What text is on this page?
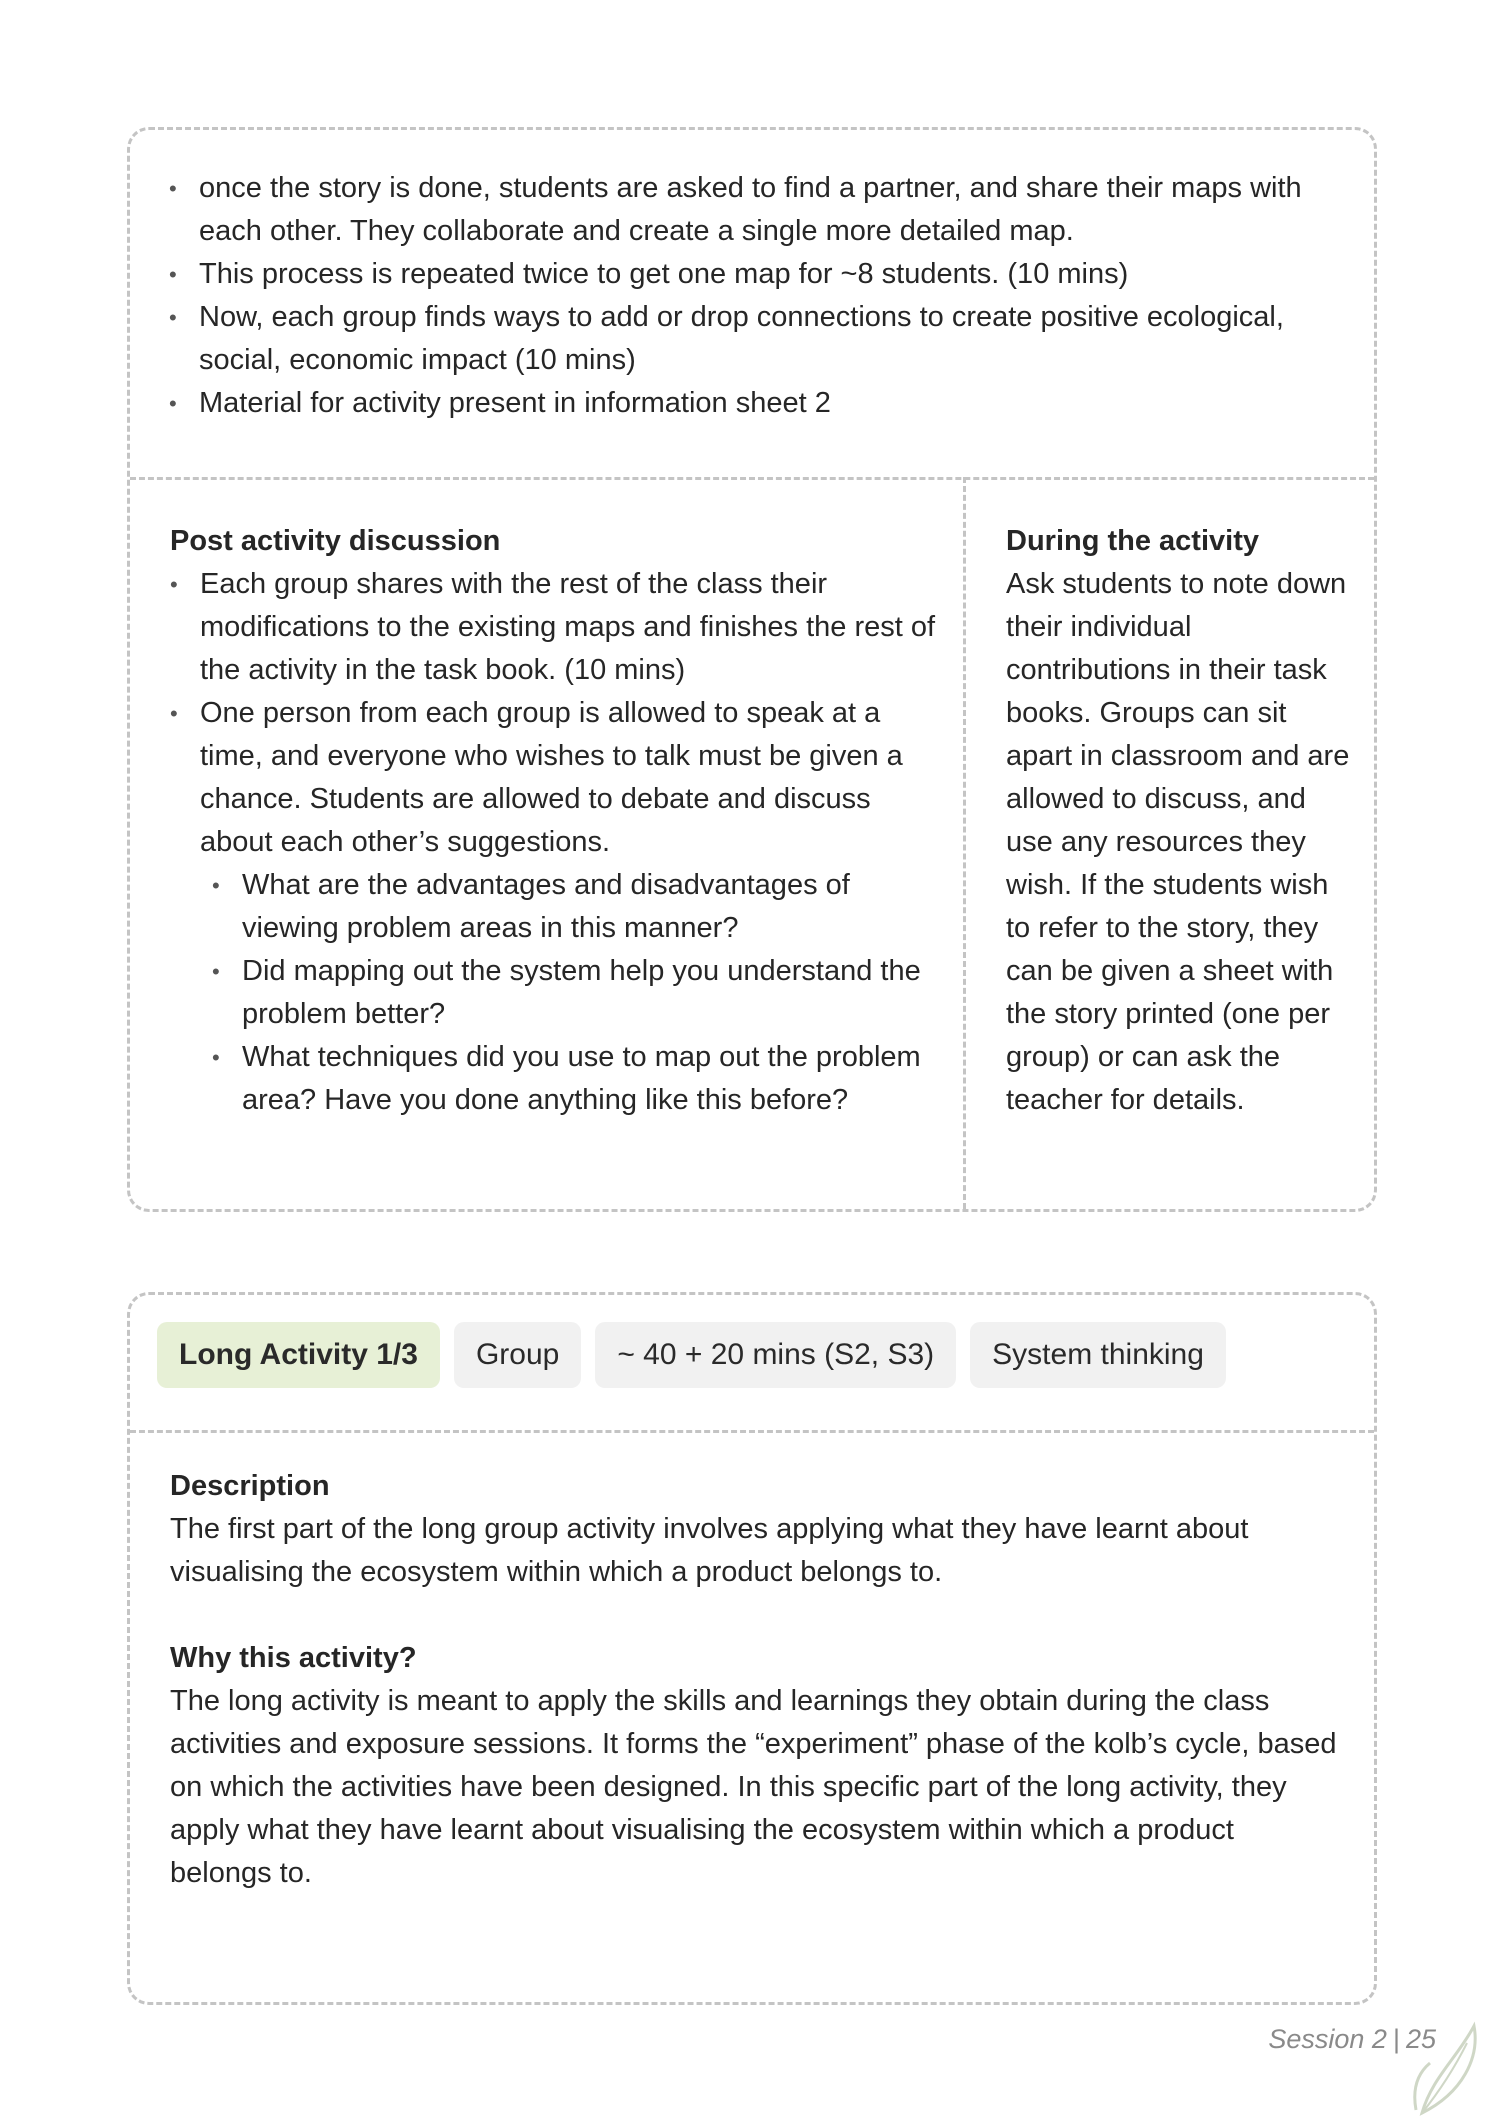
• once the story is done, students are asked to find a partner, and share their maps with each other. They collaborate and create a single more detailed map.
• This process is repeated twice to get one map for ~8 students. (10 mins)
• Now, each group finds ways to add or drop connections to create positive ecological, social, economic impact (10 mins)
• Material for activity present in information sheet 2
Post activity discussion
• Each group shares with the rest of the class their modifications to the existing maps and finishes the rest of the activity in the task book. (10 mins)
• One person from each group is allowed to speak at a time, and everyone who wishes to talk must be given a chance. Students are allowed to debate and discuss about each other’s suggestions.
• What are the advantages and disadvantages of viewing problem areas in this manner?
• Did mapping out the system help you understand the problem better?
• What techniques did you use to map out the problem area? Have you done anything like this before?
During the activity
Ask students to note down their individual contributions in their task books. Groups can sit apart in classroom and are allowed to discuss, and use any resources they wish. If the students wish to refer to the story, they can be given a sheet with the story printed (one per group) or can ask the teacher for details.
Long Activity 1/3	Group	~ 40 + 20 mins (S2, S3)	System thinking
Description
The first part of the long group activity involves applying what they have learnt about visualising the ecosystem within which a product belongs to.
Why this activity?
The long activity is meant to apply the skills and learnings they obtain during the class activities and exposure sessions. It forms the “experiment” phase of the kolb’s cycle, based on which the activities have been designed. In this specific part of the long activity, they apply what they have learnt about visualising the ecosystem within which a product belongs to.
Session 2 | 25
